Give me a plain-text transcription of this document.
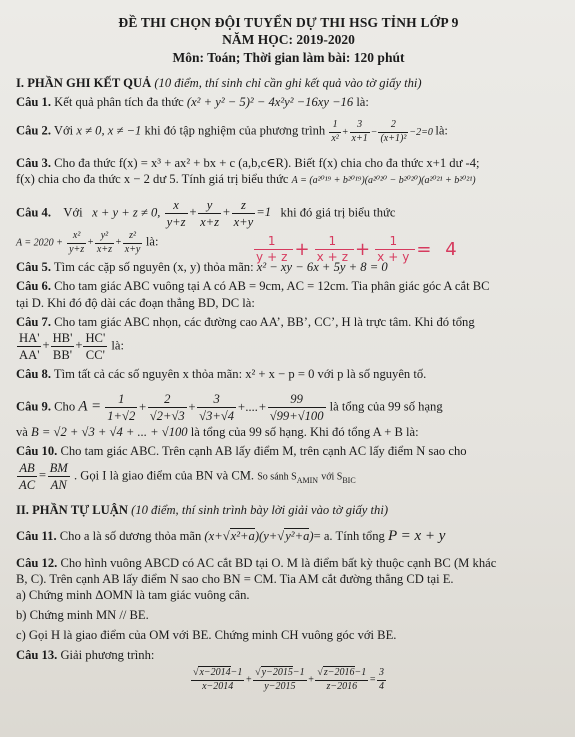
ĐỀ THI CHỌN ĐỘI TUYỂN DỰ THI HSG TỈNH LỚP 9
NĂM HỌC: 2019-2020
Môn: Toán; Thời gian làm bài: 120 phút
I. PHẦN GHI KẾT QUẢ (10 điểm, thí sinh chỉ cần ghi kết quả vào tờ giấy thi)
Câu 1. Kết quả phân tích đa thức (x² + y² − 5)² − 4x²y² −16xy −16 là:
Câu 2. Với x ≠ 0, x ≠ −1 khi đó tập nghiệm của phương trình $\frac{1}{\text{x²}} + \frac{3}{x+1} - \frac{2}{\text{(x+1)²}} -2=0$ là:
Câu 3. Cho đa thức f(x) = x³ + ax² + bx + c (a,b,c∈R). Biết f(x) chia cho đa thức x+1 dư -4;
f(x) chia cho đa thức x − 2 dư 5. Tính giá trị biểu thức A = (a²⁰¹⁹ + b²⁰¹⁹)(a²⁰²⁰ − b²⁰²⁰)(a²⁰²¹ + b²⁰²¹)
Câu 4. Với x + y + z ≠ 0, $\frac{x}{y+z} + \frac{y}{x+z} + \frac{z}{x+y} =1$   khi đó giá trị biểu thức
$A = 2020 + \frac{\text{x²}}{y+z} + \frac{\text{y²}}{x+z} + \frac{\text{z²}}{x+y}$ là:	$\frac{1}{y+z} + \frac{1}{x+z} + \frac{1}{x+y} = 4$
Câu 5. Tìm các cặp số nguyên (x, y) thỏa mãn: x² − xy − 6x + 5y + 8 = 0
Câu 6. Cho tam giác ABC vuông tại A có AB = 9cm, AC = 12cm. Tia phân giác góc A cắt BC
tại D. Khi đó độ dài các đoạn thẳng BD, DC là:
Câu 7. Cho tam giác ABC nhọn, các đường cao AA’, BB’, CC’, H là trực tâm. Khi đó tổng

$\frac{HA'}{AA'} + \frac{HB'}{BB'} + \frac{HC'}{CC'}$ là:
Câu 8. Tìm tất cả các số nguyên x thỏa mãn: x² + x − p = 0 với p là số nguyên tố.
Câu 9. Cho $A = \frac{1}{1+√2} + \frac{2}{√2+√3} + \frac{3}{√3+√4}$ +....+ $\frac{99}{√99+√100}$ là tổng của 99 số hạng
và B = √2 + √3 + √4 + ... + √100 là tổng của 99 số hạng. Khi đó tổng A + B là:
Câu 10. Cho tam giác ABC. Trên cạnh AB lấy điểm M, trên cạnh AC lấy điểm N sao cho

$\frac{AB}{AC} = \frac{BM}{AN}$ . Gọi I là giao điểm của BN và CM. So sánh $S_{AMIN}$ với $S_{BIC}$
II. PHẦN TỰ LUẬN (10 điểm, thí sinh trình bày lời giải vào tờ giấy thi)
Câu 11. Cho a là số dương thỏa mãn (x+√x²+a)(y+√y²+a)= a. Tính tổng P = x + y
Câu 12. Cho hình vuông ABCD có AC cắt BD tại O. M là điểm bất kỳ thuộc cạnh BC (M khác
B, C). Trên cạnh AB lấy điểm N sao cho BN = CM. Tia AM cắt đường thẳng CD tại E.
a) Chứng minh ΔOMN là tam giác vuông cân.
b) Chứng minh MN // BE.
c) Gọi H là giao điểm của OM với BE. Chứng minh CH vuông góc với BE.
Câu 13. Giải phương trình:
$\frac{√x-2014-1}{x-2014} + \frac{√y-2015-1}{y-2015} + \frac{√z-2016-1}{z-2016} = \frac{3}{4}$
